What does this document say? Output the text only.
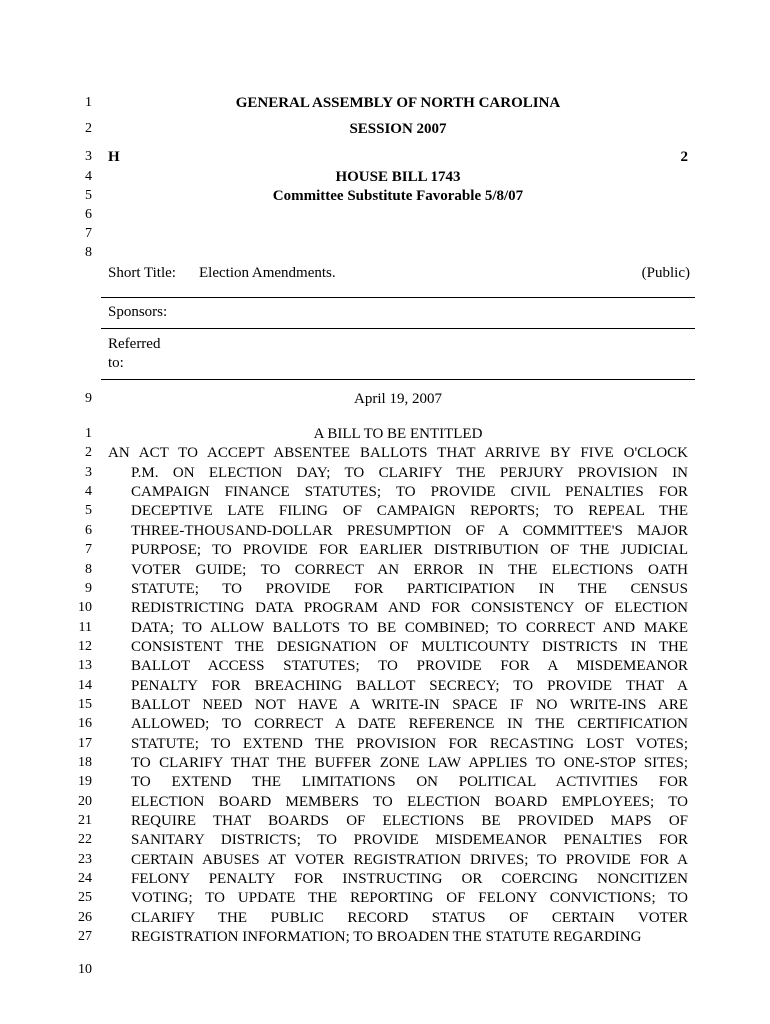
1
2
3
4
5
6
7
8
9
GENERAL ASSEMBLY OF NORTH CAROLINA
SESSION 2007
H	2
HOUSE BILL 1743
Committee Substitute Favorable 5/8/07
Short Title: Election Amendments.	(Public)
Sponsors:
Referred
to:
April 19, 2007
A BILL TO BE ENTITLED
AN ACT TO ACCEPT ABSENTEE BALLOTS THAT ARRIVE BY FIVE O'CLOCK
P.M. ON ELECTION DAY; TO CLARIFY THE PERJURY PROVISION IN
CAMPAIGN FINANCE STATUTES; TO PROVIDE CIVIL PENALTIES FOR
DECEPTIVE LATE FILING OF CAMPAIGN REPORTS; TO REPEAL THE
THREE-THOUSAND-DOLLAR PRESUMPTION OF A COMMITTEE'S MAJOR
PURPOSE; TO PROVIDE FOR EARLIER DISTRIBUTION OF THE JUDICIAL
VOTER GUIDE; TO CORRECT AN ERROR IN THE ELECTIONS OATH
STATUTE; TO PROVIDE FOR PARTICIPATION IN THE CENSUS
REDISTRICTING DATA PROGRAM AND FOR CONSISTENCY OF ELECTION
DATA; TO ALLOW BALLOTS TO BE COMBINED; TO CORRECT AND MAKE
CONSISTENT THE DESIGNATION OF MULTICOUNTY DISTRICTS IN THE
BALLOT ACCESS STATUTES; TO PROVIDE FOR A MISDEMEANOR
PENALTY FOR BREACHING BALLOT SECRECY; TO PROVIDE THAT A
BALLOT NEED NOT HAVE A WRITE-IN SPACE IF NO WRITE-INS ARE
ALLOWED; TO CORRECT A DATE REFERENCE IN THE CERTIFICATION
STATUTE; TO EXTEND THE PROVISION FOR RECASTING LOST VOTES;
TO CLARIFY THAT THE BUFFER ZONE LAW APPLIES TO ONE-STOP SITES;
TO EXTEND THE LIMITATIONS ON POLITICAL ACTIVITIES FOR
ELECTION BOARD MEMBERS TO ELECTION BOARD EMPLOYEES; TO
REQUIRE THAT BOARDS OF ELECTIONS BE PROVIDED MAPS OF
SANITARY DISTRICTS; TO PROVIDE MISDEMEANOR PENALTIES FOR
CERTAIN ABUSES AT VOTER REGISTRATION DRIVES; TO PROVIDE FOR A
FELONY PENALTY FOR INSTRUCTING OR COERCING NONCITIZEN
VOTING; TO UPDATE THE REPORTING OF FELONY CONVICTIONS; TO
CLARIFY THE PUBLIC RECORD STATUS OF CERTAIN VOTER
REGISTRATION INFORMATION; TO BROADEN THE STATUTE REGARDING
1
2
3
4
5
6
7
8
9
10
11
12
13
14
15
16
17
18
19
20
21
22
23
24
25
26
27
10
